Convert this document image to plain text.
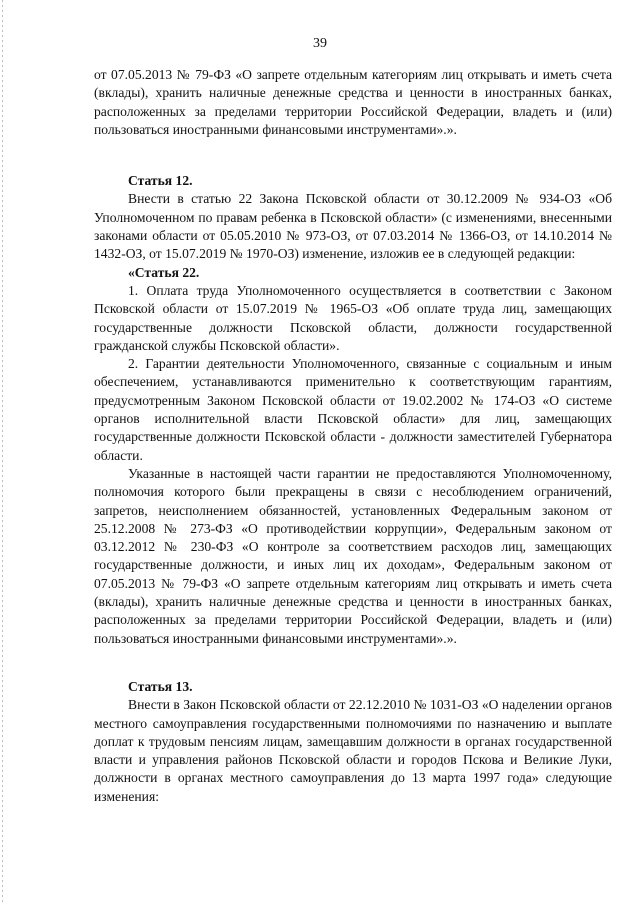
39

от 07.05.2013 № 79-ФЗ «О запрете отдельным категориям лиц открывать и иметь счета (вклады), хранить наличные денежные средства и ценности в иностранных банках, расположенных за пределами территории Российской Федерации, владеть и (или) пользоваться иностранными финансовыми инструментами».».

Статья 12.

Внести в статью 22 Закона Псковской области от 30.12.2009 № 934-ОЗ «Об Уполномоченном по правам ребенка в Псковской области» (с изменениями, внесенными законами области от 05.05.2010 № 973-ОЗ, от 07.03.2014 № 1366-ОЗ, от 14.10.2014 № 1432-ОЗ, от 15.07.2019 № 1970-ОЗ) изменение, изложив ее в следующей редакции:

«Статья 22.

1. Оплата труда Уполномоченного осуществляется в соответствии с Законом Псковской области от 15.07.2019 № 1965-ОЗ «Об оплате труда лиц, замещающих государственные должности Псковской области, должности государственной гражданской службы Псковской области».

2. Гарантии деятельности Уполномоченного, связанные с социальным и иным обеспечением, устанавливаются применительно к соответствующим гарантиям, предусмотренным Законом Псковской области от 19.02.2002 № 174-ОЗ «О системе органов исполнительной власти Псковской области» для лиц, замещающих государственные должности Псковской области - должности заместителей Губернатора области.

Указанные в настоящей части гарантии не предоставляются Уполномоченному, полномочия которого были прекращены в связи с несоблюдением ограничений, запретов, неисполнением обязанностей, установленных Федеральным законом от 25.12.2008 № 273-ФЗ «О противодействии коррупции», Федеральным законом от 03.12.2012 № 230-ФЗ «О контроле за соответствием расходов лиц, замещающих государственные должности, и иных лиц их доходам», Федеральным законом от 07.05.2013 № 79-ФЗ «О запрете отдельным категориям лиц открывать и иметь счета (вклады), хранить наличные денежные средства и ценности в иностранных банках, расположенных за пределами территории Российской Федерации, владеть и (или) пользоваться иностранными финансовыми инструментами».».

Статья 13.

Внести в Закон Псковской области от 22.12.2010 № 1031-ОЗ «О наделении органов местного самоуправления государственными полномочиями по назначению и выплате доплат к трудовым пенсиям лицам, замещавшим должности в органах государственной власти и управления районов Псковской области и городов Пскова и Великие Луки, должности в органах местного самоуправления до 13 марта 1997 года» следующие изменения:
